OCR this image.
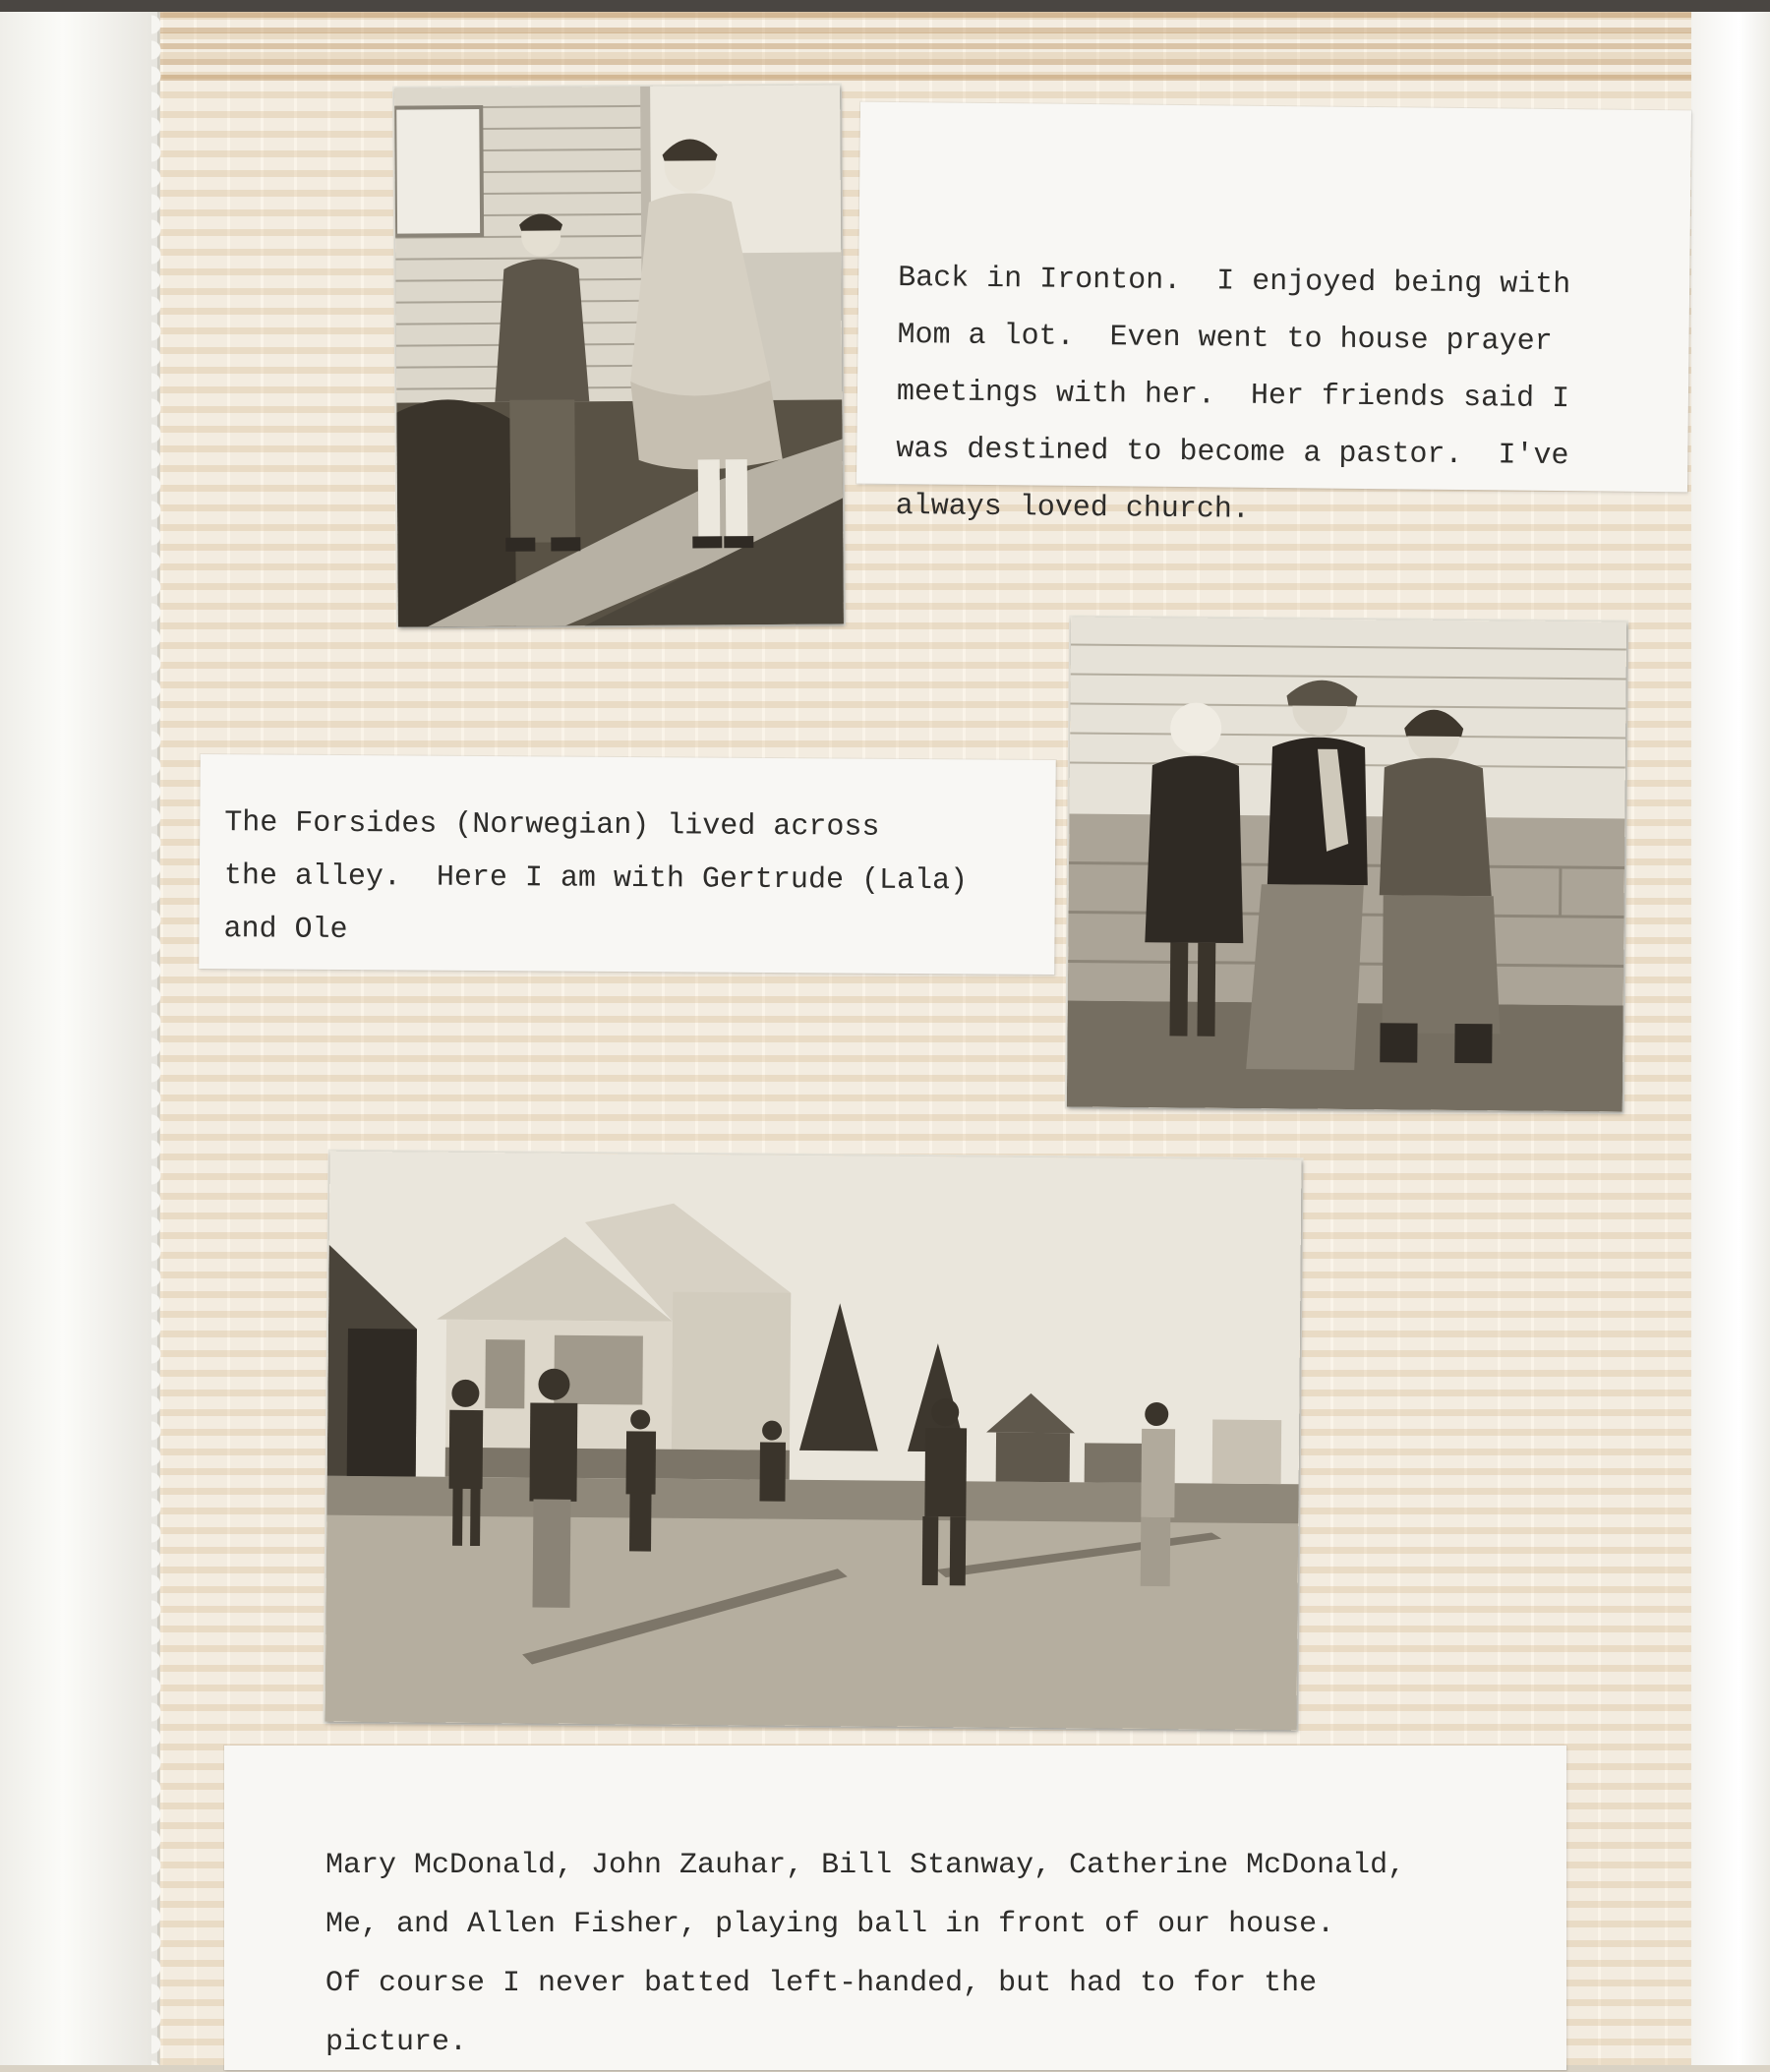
Back in Ironton.  I enjoyed being with
Mom a lot.  Even went to house prayer
meetings with her.  Her friends said I
was destined to become a pastor.  I've
always loved church.
The Forsides (Norwegian) lived across
the alley.  Here I am with Gertrude (Lala)
and Ole
Mary McDonald, John Zauhar, Bill Stanway, Catherine McDonald,
Me, and Allen Fisher, playing ball in front of our house.
Of course I never batted left-handed, but had to for the
picture.
